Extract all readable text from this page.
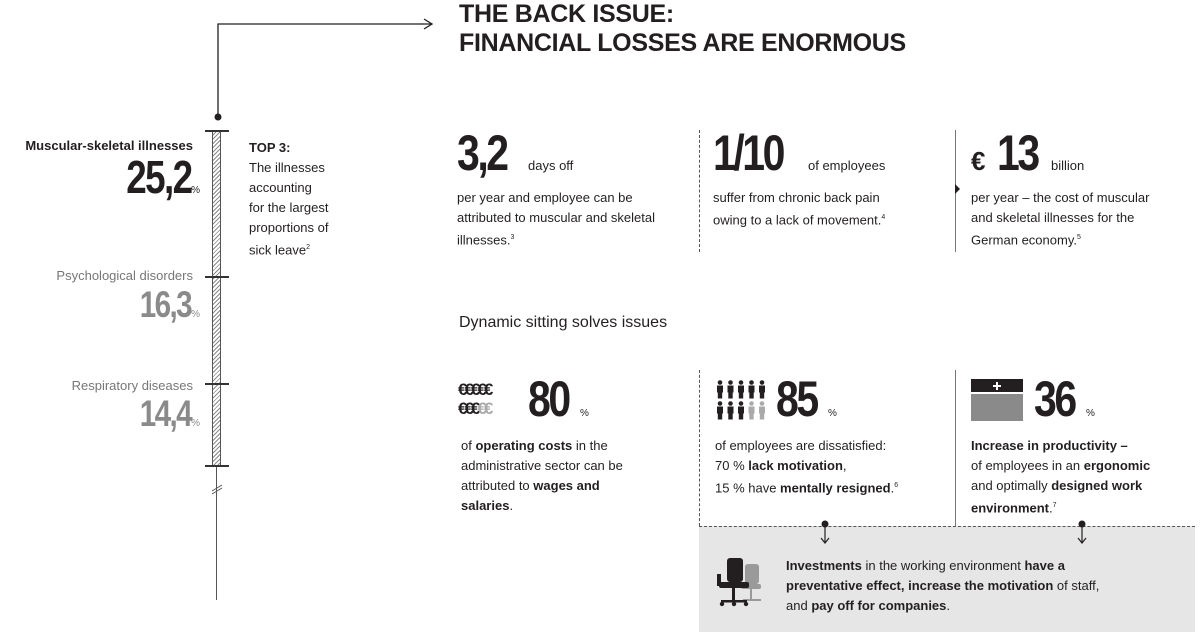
THE BACK ISSUE:
FINANCIAL LOSSES ARE ENORMOUS
Muscular-skeletal illnesses
25,2%
Psychological disorders
16,3%
Respiratory diseases
14,4%
TOP 3:
The illnesses
accounting
for the largest
proportions of
sick leave$^2$
3,2 days off
per year and employee can be
attributed to muscular and skeletal
illnesses.$^3$
1/10 of employees
suffer from chronic back pain
owing to a lack of movement.$^4$
€ 13 billion
per year – the cost of muscular
and skeletal illnesses for the
German economy.$^5$
Dynamic sitting solves issues
€€€€€
€€€€€ 80 %
of operating costs in the
administrative sector can be
attributed to wages and
salaries.
85 %
of employees are dissatisfied:
70 % lack motivation,
15 % have mentally resigned.$^6$
36 %
Increase in productivity –
of employees in an ergonomic
and optimally designed work
environment.$^7$
Investments in the working environment have a
preventative effect, increase the motivation of staff,
and pay off for companies.
